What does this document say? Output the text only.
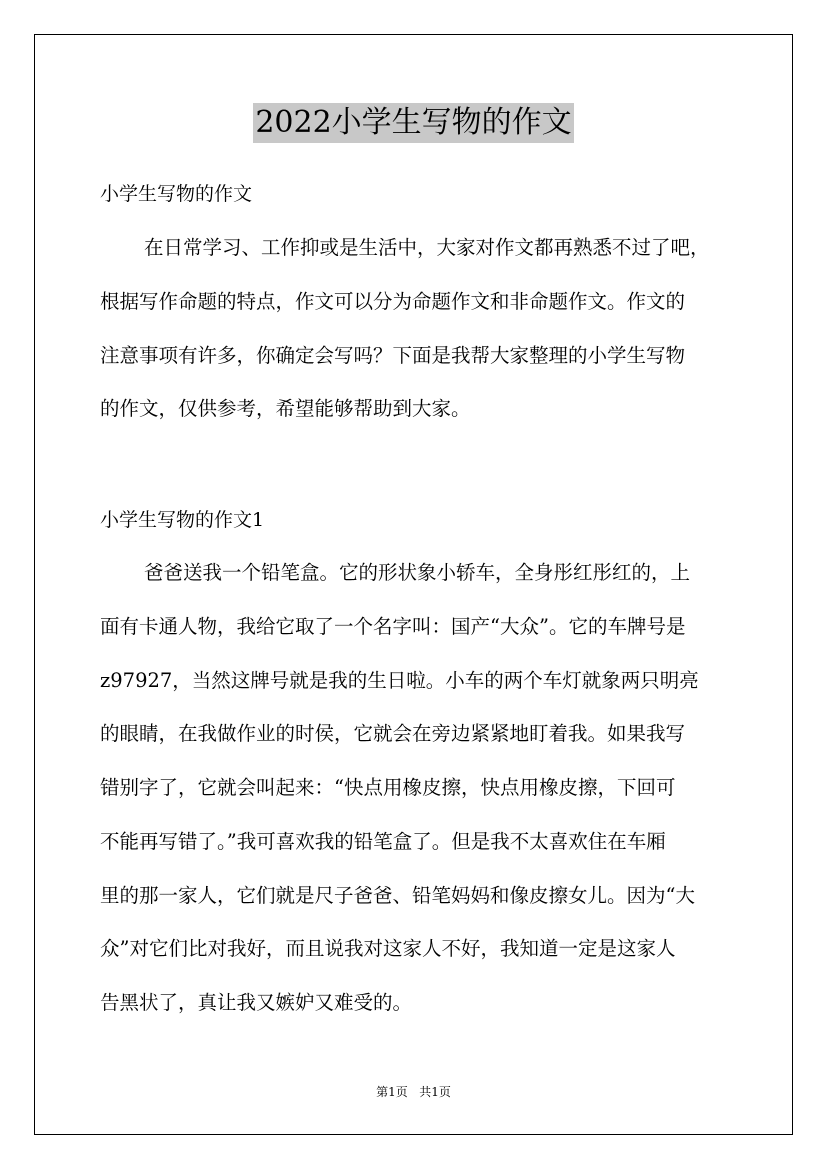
2022小学生写物的作文
小学生写物的作文
在日常学习、工作抑或是生活中，大家对作文都再熟悉不过了吧，
根据写作命题的特点，作文可以分为命题作文和非命题作文。作文的
注意事项有许多，你确定会写吗？下面是我帮大家整理的小学生写物
的作文，仅供参考，希望能够帮助到大家。
小学生写物的作文1
爸爸送我一个铅笔盒。它的形状象小轿车，全身彤红彤红的，上
面有卡通人物，我给它取了一个名字叫：国产“大众”。它的车牌号是
z97927，当然这牌号就是我的生日啦。小车的两个车灯就象两只明亮
的眼睛，在我做作业的时侯，它就会在旁边紧紧地盯着我。如果我写
错别字了，它就会叫起来：“快点用橡皮擦，快点用橡皮擦，下回可
不能再写错了。”我可喜欢我的铅笔盒了。但是我不太喜欢住在车厢
里的那一家人，它们就是尺子爸爸、铅笔妈妈和像皮擦女儿。因为“大
众”对它们比对我好，而且说我对这家人不好，我知道一定是这家人
告黑状了，真让我又嫉妒又难受的。
第1页   共1页
